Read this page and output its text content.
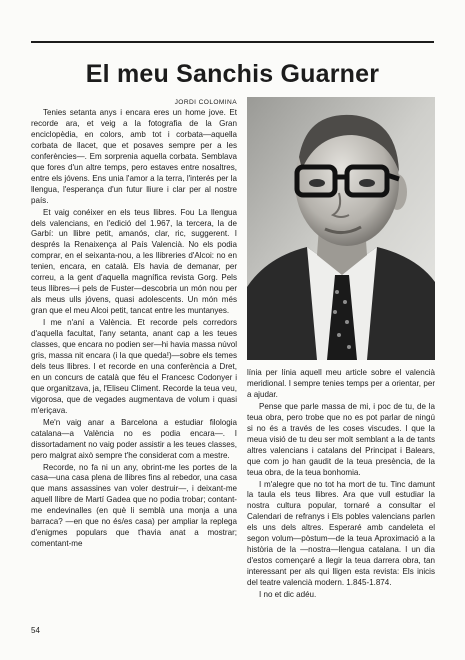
El meu Sanchis Guarner
JORDI COLOMINA

Tenies setanta anys i encara eres un home jove. Et recorde ara, et veig a la fotografia de la Gran enciclopèdia, en colors, amb tot i corbata—aquella corbata de llacet, que et posaves sempre per a les conferències—. Em sorprenia aquella corbata. Semblava que fores d'un altre temps, pero estaves entre nosaltres, entre els jóvens. Ens unia l'amor a la terra, l'interés per la llengua, l'esperança d'un futur lliure i clar per al nostre país.

Et vaig conéixer en els teus llibres. Fou La llengua dels valencians, en l'edició del 1.967, la tercera, la de Garbí: un llibre petit, amanós, clar, ric, suggerent. I després la Renaixença al País Valencià. No els podia comprar, en el seixanta-nou, a les llibreries d'Alcoi: no en tenien, encara, en català. Els havia de demanar, per correu, a la gent d'aquella magnífica revista Gorg. Pels teus llibres—i pels de Fuster—descobria un món nou per als meus ulls jóvens, quasi adolescents. Un món més gran que el meu Alcoi petit, tancat entre les muntanyes.

I me n'aní a València. Et recorde pels corredors d'aquella facultat, l'any setanta, anant cap a les teues classes, que encara no podien ser—hi havia massa núvol gris, massa nit encara (i la que queda!)—sobre els temes dels teus llibres. I et recorde en una conferència a Dret, en un concurs de català que féu el Francesc Codonyer i que organitzava, ja, l'Eliseu Climent. Recorde la teua veu, vigorosa, que de vegades augmentava de volum i quasi m'eriçava.

Me'n vaig anar a Barcelona a estudiar filologia catalana—a València no es podia encara—. I dissortadament no vaig poder assistir a les teues classes, pero malgrat això sempre t'he considerat com a mestre.

Recorde, no fa ni un any, obrint-me les portes de la casa—una casa plena de llibres fins al rebedor, una casa que mans assassines van voler destruir—, i deixant-me aquell llibre de Martí Gadea que no podia trobar; contant-me endevinalles (en què li semblà una monja a una barraca? —en que no és/es casa) per ampliar la replega d'enigmes populars que t'havia anat a mostrar; comentant-me

línia per línia aquell meu article sobre el valencià meridional. I sempre tenies temps per a orientar, per a ajudar.

Pense que parle massa de mi, i poc de tu, de la teua obra, pero trobe que no es pot parlar de ningú si no és a través de les coses viscudes. I que la meua visió de tu deu ser molt semblant a la de tants altres valencians i catalans del Principat i Balears, que com jo han gaudit de la teua presència, de la teua obra, de la teua bonhomia.

I m'alegre que no tot ha mort de tu. Tinc damunt la taula els teus llibres. Ara que vull estudiar la nostra cultura popular, tornaré a consultar el Calendari de refranys i Els pobles valencians parlen els uns dels altres. Esperaré amb candeleta el segon volum—pòstum—de la teua Aproximació a la història de la —nostra—llengua catalana. I un dia d'estos començaré a llegir la teua darrera obra, tan interessant per als qui lligen esta revista: Els inicis del teatre valencià modern. 1.845-1.874.

I no et dic adéu.

54
